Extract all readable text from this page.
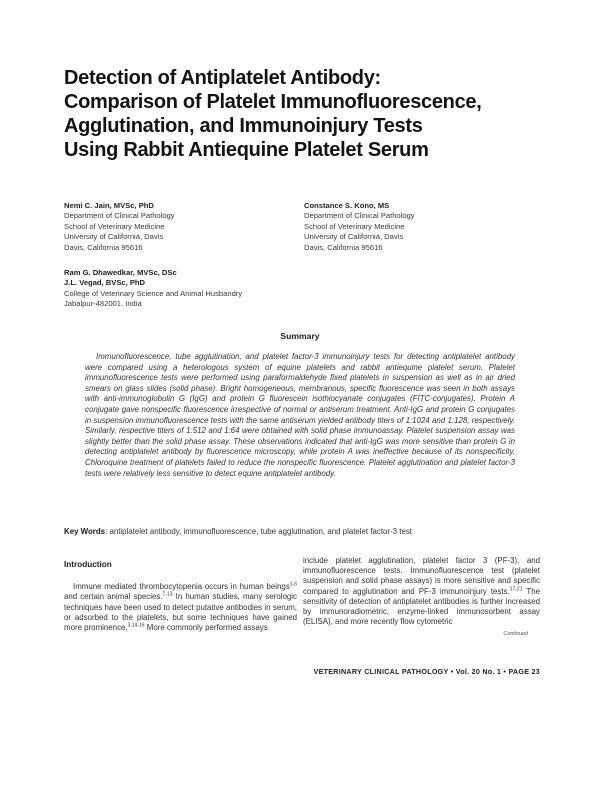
Detection of Antiplatelet Antibody:
Comparison of Platelet Immunofluorescence,
Agglutination, and Immunoinjury Tests
Using Rabbit Antiequine Platelet Serum
Nemi C. Jain, MVSc, PhD
Department of Clinical Pathology
School of Veterinary Medicine
University of California, Davis
Davis, California 95616
Constance S. Kono, MS
Department of Clinical Pathology
School of Veterinary Medicine
University of California, Davis
Davis, California 95616
Ram G. Dhawedkar, MVSc, DSc
J.L. Vegad, BVSc, PhD
College of Veterinary Science and Animal Husbandry
Jabalpur-482001, India
Summary
Immunofluorescence, tube agglutination, and platelet factor-3 immunoinjury tests for detecting antiplatelet antibody were compared using a heterologous system of equine platelets and rabbit antiequine platelet serum. Platelet immunofluorescence tests were performed using paraformaldehyde fixed platelets in suspension as well as in air dried smears on glass slides (solid phase). Bright homogeneous, membranous, specific fluorescence was seen in both assays with anti-immunoglobulin G (IgG) and protein G fluorescein isothiocyanate conjugates (FITC-conjugates). Protein A conjugate gave nonspecific fluorescence irrespective of normal or antiserum treatment. Anti-IgG and protein G conjugates in suspension immunofluorescence tests with the same antiserum yielded antibody titers of 1:1024 and 1:128, respectively. Similarly, respective titers of 1:512 and 1:64 were obtained with solid phase immunoassay. Platelet suspension assay was slightly better than the solid phase assay. These observations indicated that anti-IgG was more sensitive than protein G in detecting antiplatelet antibody by fluorescence microscopy, while protein A was ineffective because of its nonspecificity. Chloroquine treatment of platelets failed to reduce the nonspecific fluorescence. Platelet agglutination and platelet factor-3 tests were relatively less sensitive to detect equine antiplatelet antibody.
Key Words: antiplatelet antibody, immunofluorescence, tube agglutination, and platelet factor-3 test
Introduction

Immune mediated thrombocytopenia occurs in human beings$^{1-6}$ and certain animal species.$^{7-13}$ In human studies, many serologic techniques have been used to detect putative antibodies in serum, or adsorbed to the platelets, but some techniques have gained more prominence.$^{3,14-16}$ More commonly performed assays

include platelet agglutination, platelet factor 3 (PF-3), and immunofluorescence tests. Immunofluorescence test (platelet suspension and solid phase assays) is more sensitive and specific compared to agglutination and PF-3 immunoinjury tests.$^{17-21}$ The sensitivity of detection of antiplatelet antibodies is further increased by immunoradiometric, enzyme-linked immunosorbent assay (ELISA), and more recently flow cytometric

Continued
VETERINARY CLINICAL PATHOLOGY • Vol. 20 No. 1 • PAGE 23
